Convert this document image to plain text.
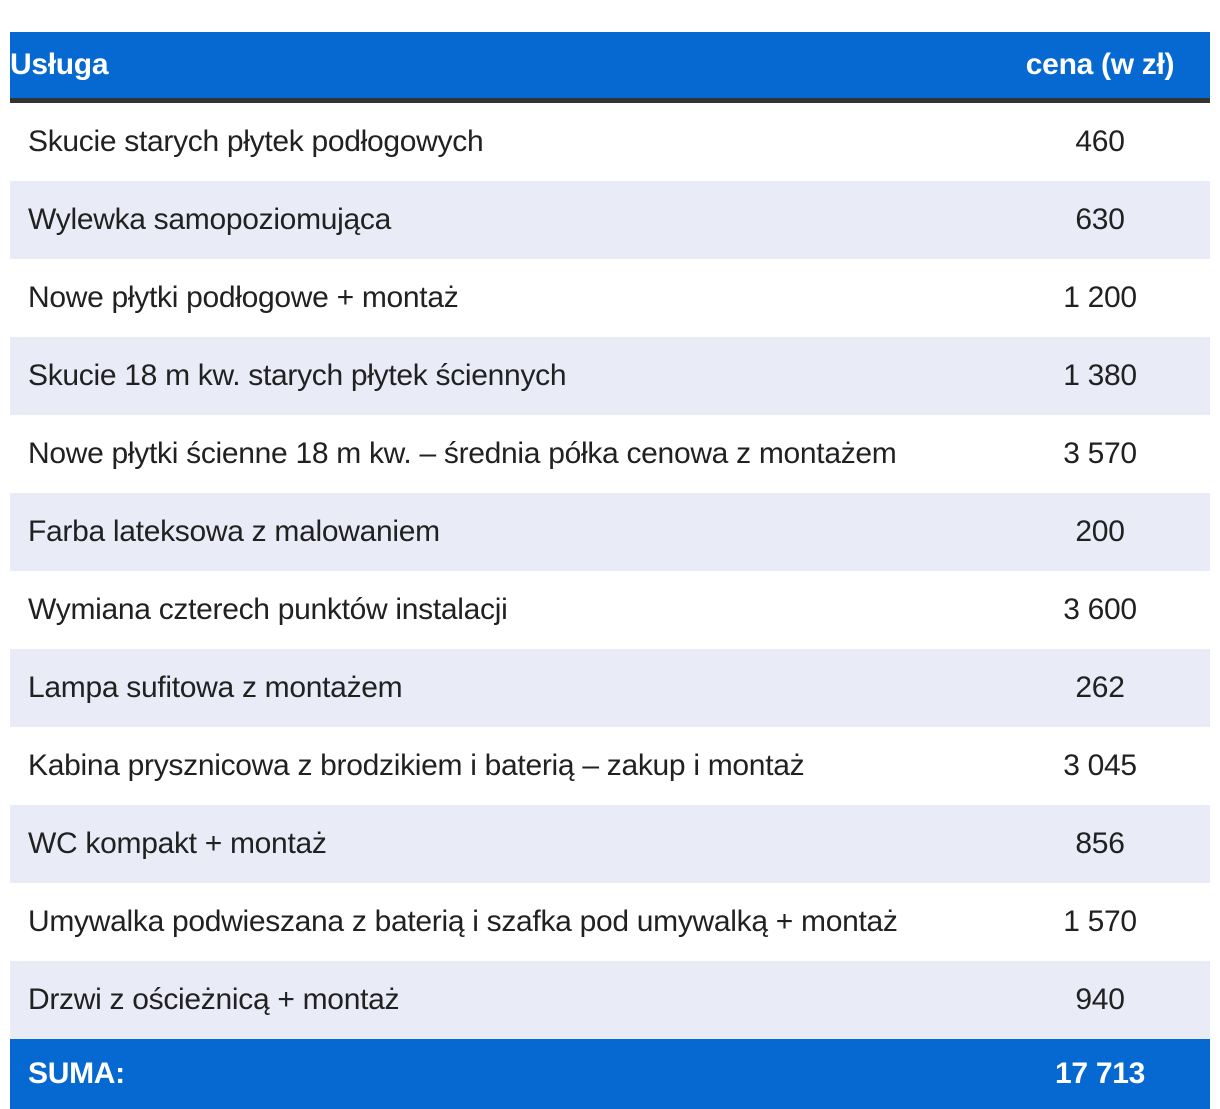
Usługa	cena (w zł)
Skucie starych płytek podłogowych	460
Wylewka samopoziomująca	630
Nowe płytki podłogowe + montaż	1 200
Skucie 18 m kw. starych płytek ściennych	1 380
Nowe płytki ścienne 18 m kw. – średnia półka cenowa z montażem	3 570
Farba lateksowa z malowaniem	200
Wymiana czterech punktów instalacji	3 600
Lampa sufitowa z montażem	262
Kabina prysznicowa z brodzikiem i baterią – zakup i montaż	3 045
WC kompakt + montaż	856
Umywalka podwieszana z baterią i szafka pod umywalką + montaż	1 570
Drzwi z ościeżnicą + montaż	940
SUMA:	17 713
